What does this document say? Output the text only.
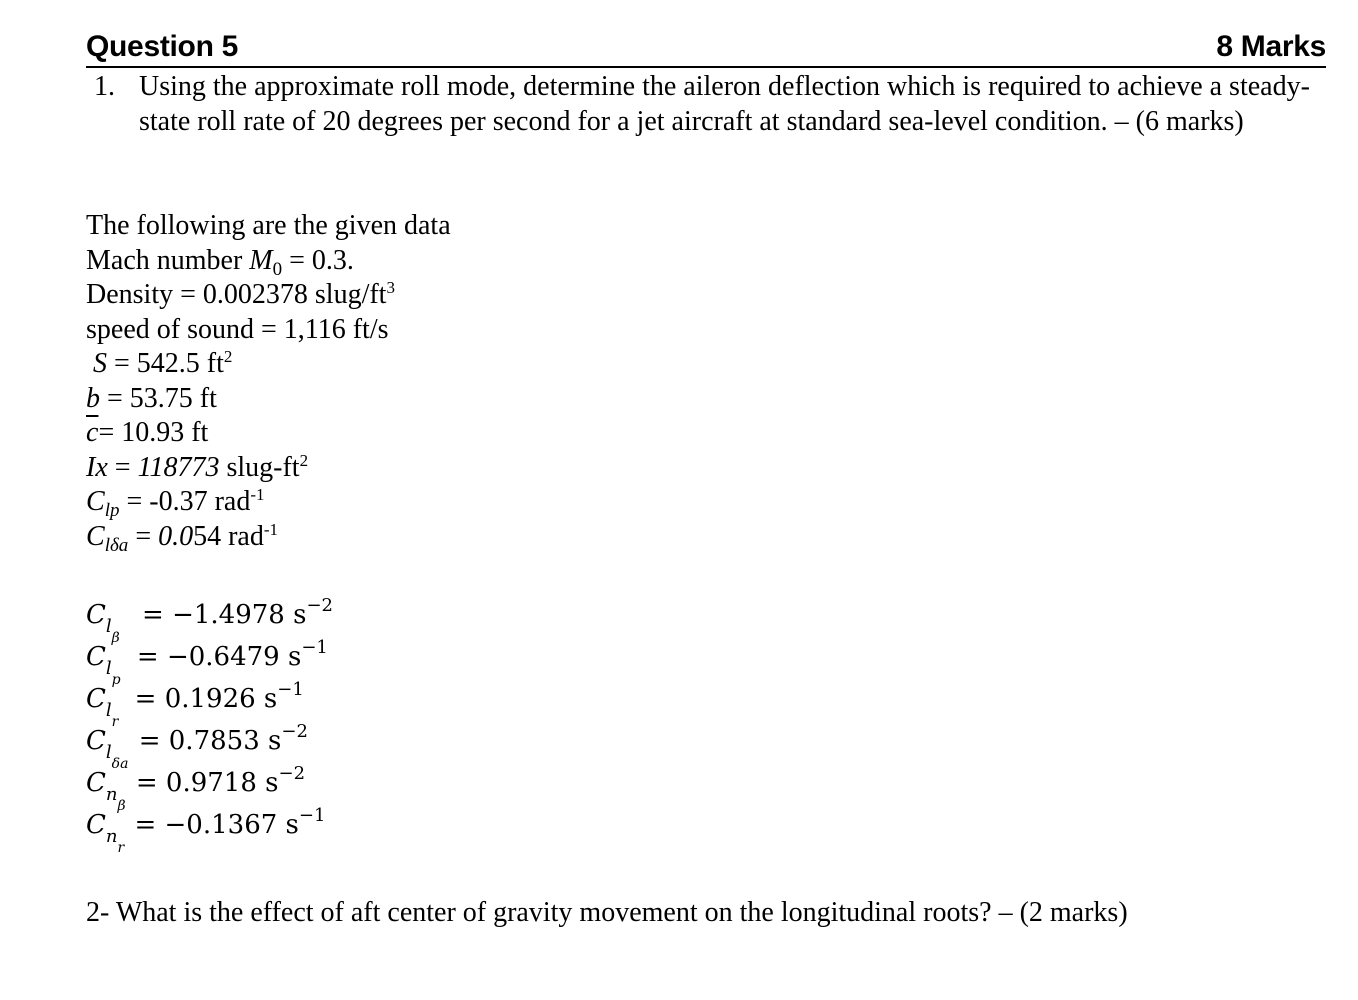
Question 5	8 Marks
1. Using the approximate roll mode, determine the aileron deflection which is required to achieve a steady-state roll rate of 20 degrees per second for a jet aircraft at standard sea-level condition. – (6 marks)
The following are the given data
Mach number $M_0 = 0.3$.
Density = 0.002378 slug/$ft^3$
speed of sound = 1,116 ft/s
S = 542.5 $ft^2$
b = 53.75 ft
$\overline{c}= 10.93$ ft
Ix = 118773 slug-$ft^2$
$C_{lp} = -0.37$ rad$^{-1}$
$C_{l\delta a} = 0.054$ rad$^{-1}$
$C_{l\beta} = -1.4978$ $s^{-2}$
$C_{lp} = -0.6479$ $s^{-1}$
$C_{lr} = 0.1926$ $s^{-1}$
$C_{l\delta a} = 0.7853$ $s^{-2}$
$C_{n\beta} = 0.9718$ $s^{-2}$
$C_{nr} = -0.1367$ $s^{-1}$
2- What is the effect of aft center of gravity movement on the longitudinal roots? – (2 marks)
